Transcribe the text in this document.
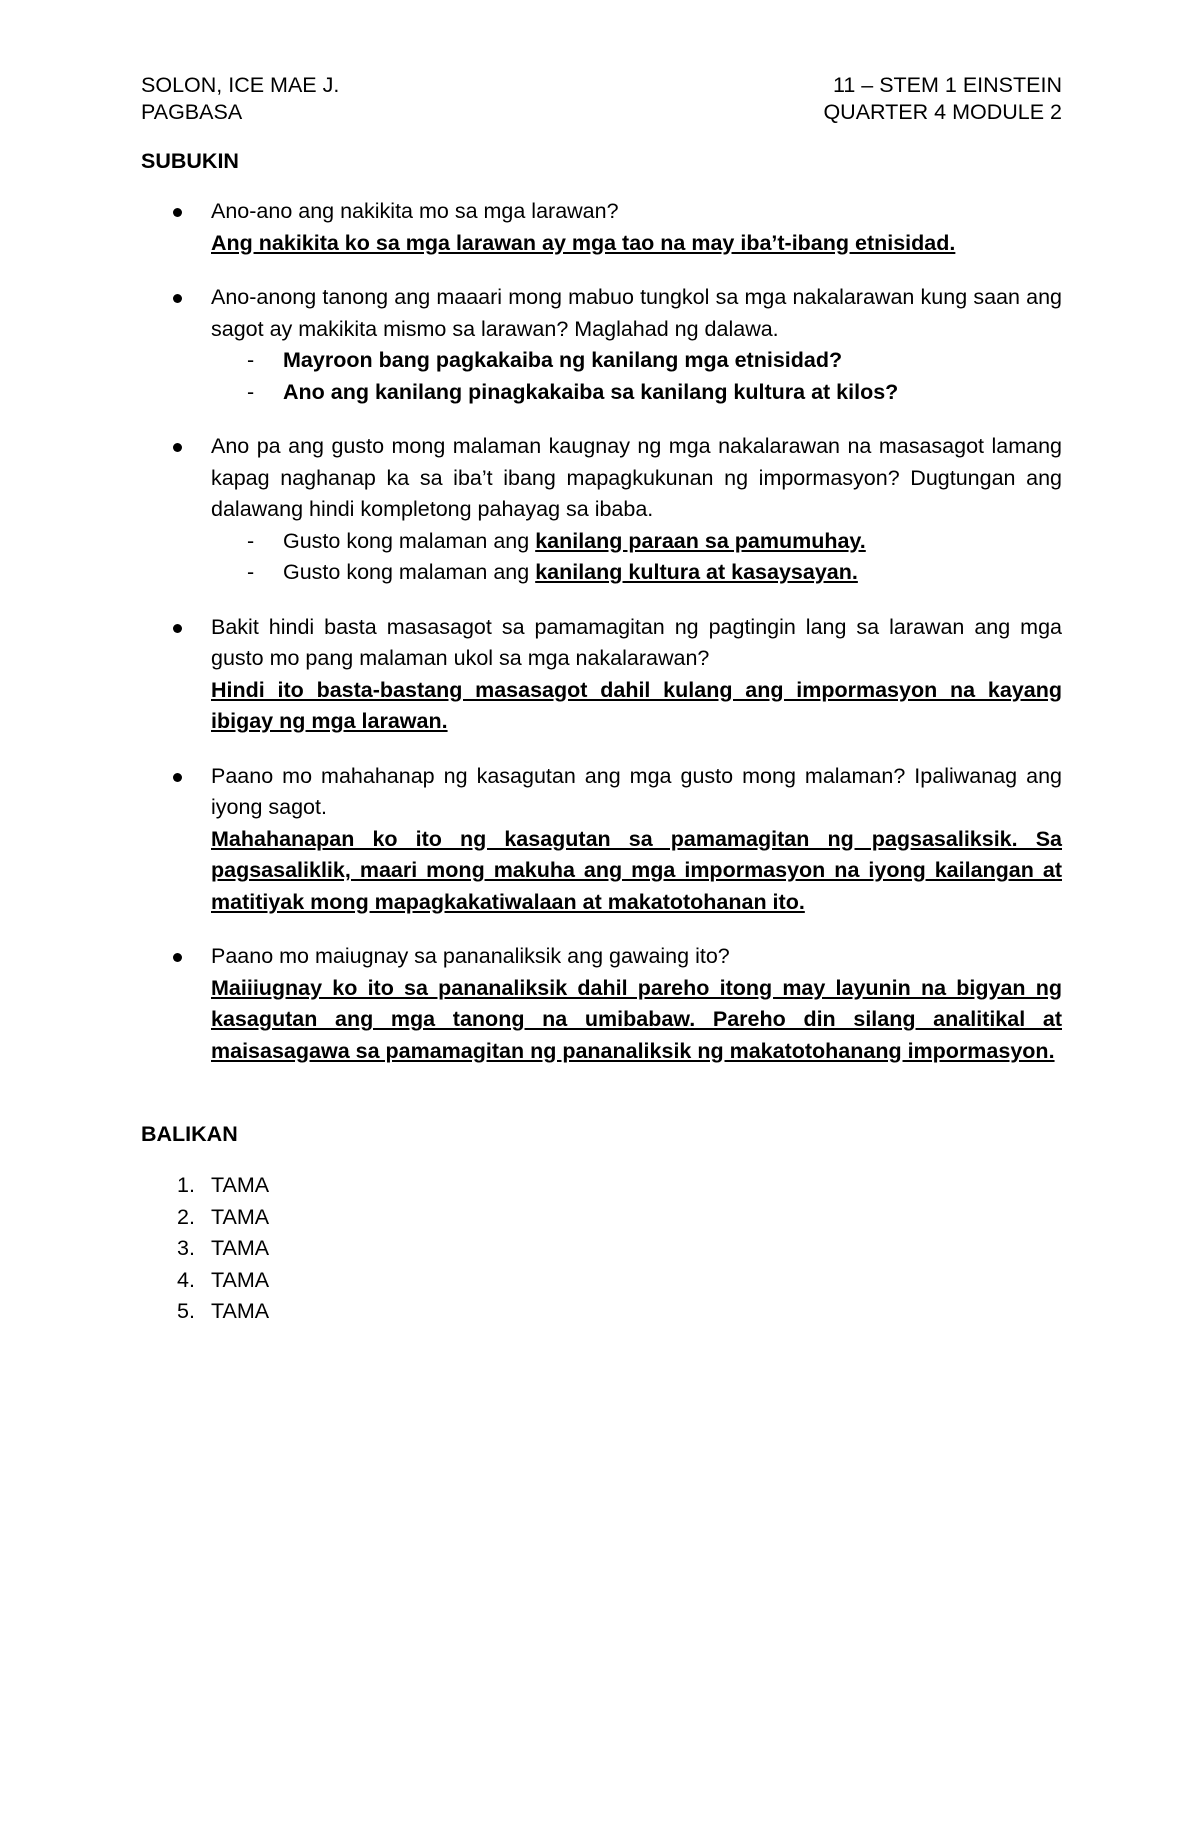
SOLON, ICE MAE J.	11 – STEM 1 EINSTEIN
PAGBASA	QUARTER 4 MODULE 2
SUBUKIN
Ano-ano ang nakikita mo sa mga larawan?
Ang nakikita ko sa mga larawan ay mga tao na may iba’t-ibang etnisidad.
Ano-anong tanong ang maaari mong mabuo tungkol sa mga nakalarawan kung saan ang sagot ay makikita mismo sa larawan? Maglahad ng dalawa.
- Mayroon bang pagkakaiba ng kanilang mga etnisidad?
- Ano ang kanilang pinagkakaiba sa kanilang kultura at kilos?
Ano pa ang gusto mong malaman kaugnay ng mga nakalarawan na masasagot lamang kapag naghanap ka sa iba’t ibang mapagkukunan ng impormasyon? Dugtungan ang dalawang hindi kompletong pahayag sa ibaba.
- Gusto kong malaman ang kanilang paraan sa pamumuhay.
- Gusto kong malaman ang kanilang kultura at kasaysayan.
Bakit hindi basta masasagot sa pamamagitan ng pagtingin lang sa larawan ang mga gusto mo pang malaman ukol sa mga nakalarawan?
Hindi ito basta-bastang masasagot dahil kulang ang impormasyon na kayang ibigay ng mga larawan.
Paano mo mahahanap ng kasagutan ang mga gusto mong malaman? Ipaliwanag ang iyong sagot.
Mahahanapan ko ito ng kasagutan sa pamamagitan ng pagsasaliksik. Sa pagsasaliklik, maari mong makuha ang mga impormasyon na iyong kailangan at matitiyak mong mapagkakatiwalaan at makatotohanan ito.
Paano mo maiugnay sa pananaliksik ang gawaing ito?
Maiiiugnay ko ito sa pananaliksik dahil pareho itong may layunin na bigyan ng kasagutan ang mga tanong na umibabaw. Pareho din silang analitikal at maisasagawa sa pamamagitan ng pananaliksik ng makatotohanang impormasyon.
BALIKAN
1. TAMA
2. TAMA
3. TAMA
4. TAMA
5. TAMA
